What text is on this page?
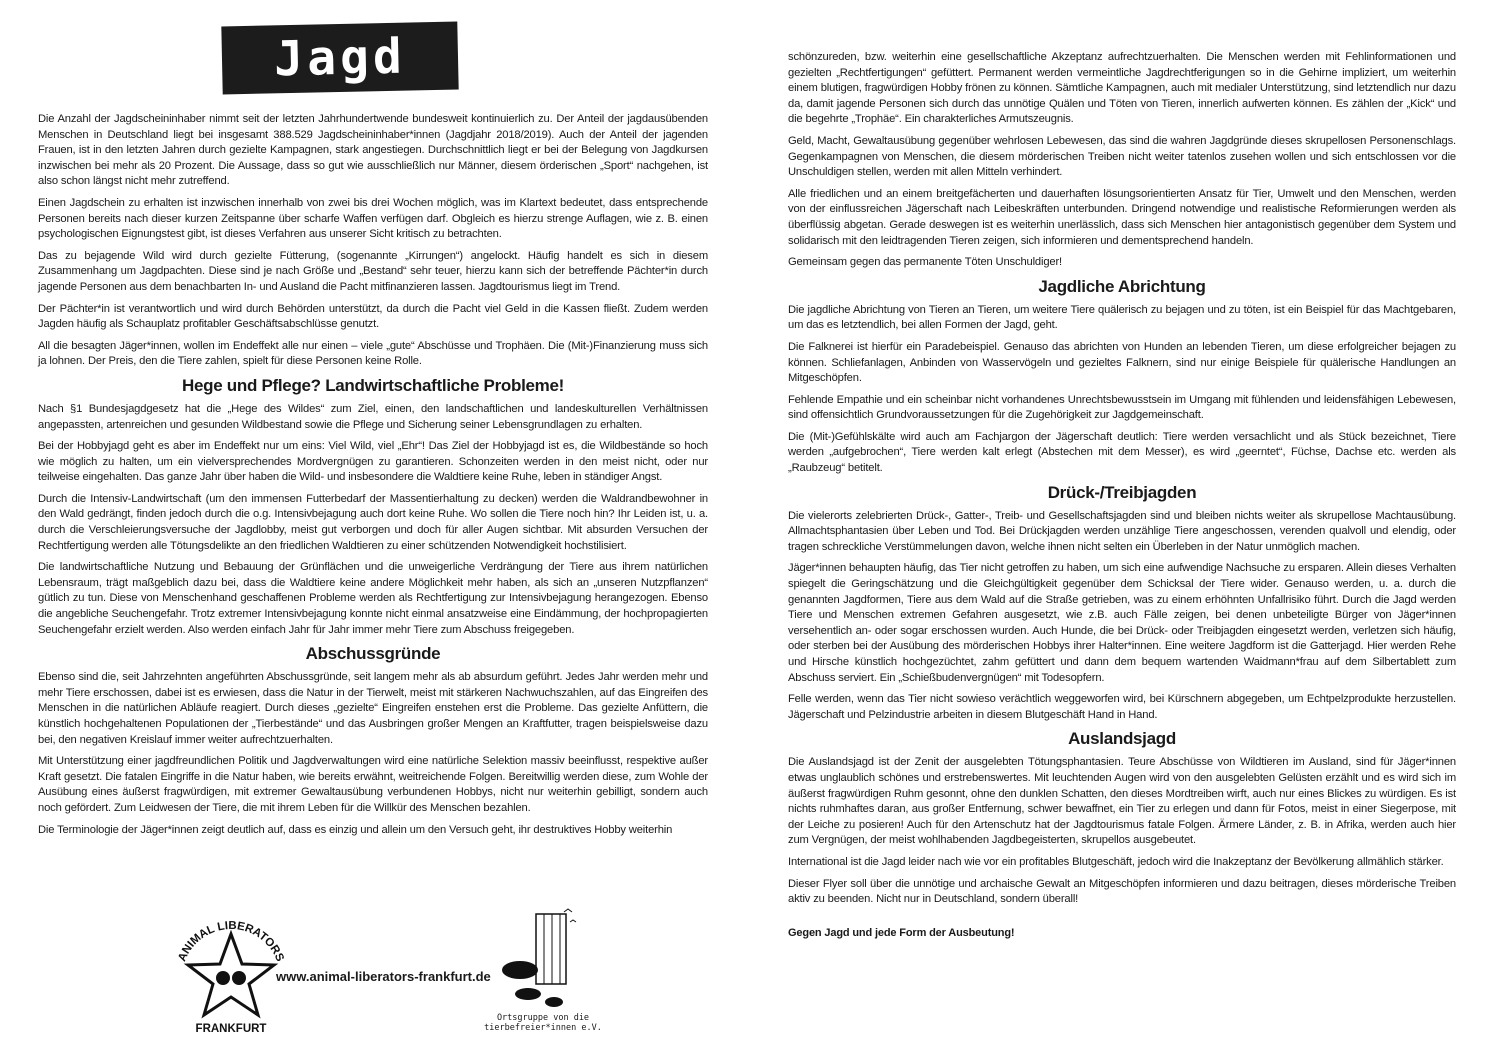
Jagd

Die Anzahl der Jagdscheininhaber nimmt seit der letzten Jahrhundertwende bundesweit kontinuierlich zu. Der Anteil der jagdausübenden Menschen in Deutschland liegt bei insgesamt 388.529 Jagdscheininhaber*innen (Jagdjahr 2018/2019). Auch der Anteil der jagenden Frauen, ist in den letzten Jahren durch gezielte Kampagnen, stark angestiegen. Durchschnittlich liegt er bei der Belegung von Jagdkursen inzwischen bei mehr als 20 Prozent. Die Aussage, dass so gut wie ausschließlich nur Männer, diesem örderischen „Sport“ nachgehen, ist also schon längst nicht mehr zutreffend.

Einen Jagdschein zu erhalten ist inzwischen innerhalb von zwei bis drei Wochen möglich, was im Klartext bedeutet, dass entsprechende Personen bereits nach dieser kurzen Zeitspanne über scharfe Waffen verfügen darf. Obgleich es hierzu strenge Auflagen, wie z. B. einen psychologischen Eignungstest gibt, ist dieses Verfahren aus unserer Sicht kritisch zu betrachten.

Das zu bejagende Wild wird durch gezielte Fütterung, (sogenannte „Kirrungen“) angelockt. Häufig handelt es sich in diesem Zusammenhang um Jagdpachten. Diese sind je nach Größe und „Bestand“ sehr teuer, hierzu kann sich der betreffende Pächter*in durch jagende Personen aus dem benachbarten In- und Ausland die Pacht mitfinanzieren lassen. Jagdtourismus liegt im Trend.

Der Pächter*in ist verantwortlich und wird durch Behörden unterstützt, da durch die Pacht viel Geld in die Kassen fließt. Zudem werden Jagden häufig als Schauplatz profitabler Geschäftsabschlüsse genutzt.

All die besagten Jäger*innen, wollen im Endeffekt alle nur einen – viele „gute“ Abschüsse und Trophäen. Die (Mit-)Finanzierung muss sich ja lohnen. Der Preis, den die Tiere zahlen, spielt für diese Personen keine Rolle.

Hege und Pflege? Landwirtschaftliche Probleme!

Nach §1 Bundesjagdgesetz hat die „Hege des Wildes“ zum Ziel, einen, den landschaftlichen und landeskulturellen Verhältnissen angepassten, artenreichen und gesunden Wildbestand sowie die Pflege und Sicherung seiner Lebensgrundlagen zu erhalten.

Bei der Hobbyjagd geht es aber im Endeffekt nur um eins: Viel Wild, viel „Ehr“! Das Ziel der Hobbyjagd ist es, die Wildbestände so hoch wie möglich zu halten, um ein vielversprechendes Mordvergnügen zu garantieren. Schonzeiten werden in den meist nicht, oder nur teilweise eingehalten. Das ganze Jahr über haben die Wild- und insbesondere die Waldtiere keine Ruhe, leben in ständiger Angst.

Durch die Intensiv-Landwirtschaft (um den immensen Futterbedarf der Massentierhaltung zu decken) werden die Waldrandbewohner in den Wald gedrängt, finden jedoch durch die o.g. Intensivbejagung auch dort keine Ruhe. Wo sollen die Tiere noch hin? Ihr Leiden ist, u. a. durch die Verschleierungsversuche der Jagdlobby, meist gut verborgen und doch für aller Augen sichtbar. Mit absurden Versuchen der Rechtfertigung werden alle Tötungsdelikte an den friedlichen Waldtieren zu einer schützenden Notwendigkeit hochstilisiert.

Die landwirtschaftliche Nutzung und Bebauung der Grünflächen und die unweigerliche Verdrängung der Tiere aus ihrem natürlichen Lebensraum, trägt maßgeblich dazu bei, dass die Waldtiere keine andere Möglichkeit mehr haben, als sich an „unseren Nutzpflanzen“ gütlich zu tun. Diese von Menschenhand geschaffenen Probleme werden als Rechtfertigung zur Intensivbejagung herangezogen. Ebenso die angebliche Seuchengefahr. Trotz extremer Intensivbejagung konnte nicht einmal ansatzweise eine Eindämmung, der hochpropagierten Seuchengefahr erzielt werden. Also werden einfach Jahr für Jahr immer mehr Tiere zum Abschuss freigegeben.

Abschussgründe

Ebenso sind die, seit Jahrzehnten angeführten Abschussgründe, seit langem mehr als ab absurdum geführt. Jedes Jahr werden mehr und mehr Tiere erschossen, dabei ist es erwiesen, dass die Natur in der Tierwelt, meist mit stärkeren Nachwuchszahlen, auf das Eingreifen des Menschen in die natürlichen Abläufe reagiert. Durch dieses „gezielte“ Eingreifen enstehen erst die Probleme. Das gezielte Anfüttern, die künstlich hochgehaltenen Populationen der „Tierbestände“ und das Ausbringen großer Mengen an Kraftfutter, tragen beispielsweise dazu bei, den negativen Kreislauf immer weiter aufrechtzuerhalten.

Mit Unterstützung einer jagdfreundlichen Politik und Jagdverwaltungen wird eine natürliche Selektion massiv beeinflusst, respektive außer Kraft gesetzt. Die fatalen Eingriffe in die Natur haben, wie bereits erwähnt, weitreichende Folgen. Bereitwillig werden diese, zum Wohle der Ausübung eines äußerst fragwürdigen, mit extremer Gewaltausübung verbundenen Hobbys, nicht nur weiterhin gebilligt, sondern auch noch gefördert. Zum Leidwesen der Tiere, die mit ihrem Leben für die Willkür des Menschen bezahlen.

Die Terminologie der Jäger*innen zeigt deutlich auf, dass es einzig und allein um den Versuch geht, ihr destruktives Hobby weiterhin

ANIMAL LIBERATORS
FRANKFURT
www.animal-liberators-frankfurt.de
Ortsgruppe von die tierbefreier*innen e.V.

schönzureden, bzw. weiterhin eine gesellschaftliche Akzeptanz aufrechtzuerhalten. Die Menschen werden mit Fehlinformationen und gezielten „Rechtfertigungen“ gefüttert. Permanent werden vermeintliche Jagdrechtferigungen so in die Gehirne impliziert, um weiterhin einem blutigen, fragwürdigen Hobby frönen zu können. Sämtliche Kampagnen, auch mit medialer Unterstützung, sind letztendlich nur dazu da, damit jagende Personen sich durch das unnötige Quälen und Töten von Tieren, innerlich aufwerten können. Es zählen der „Kick“ und die begehrte „Trophäe“. Ein charakterliches Armutszeugnis.

Geld, Macht, Gewaltausübung gegenüber wehrlosen Lebewesen, das sind die wahren Jagdgründe dieses skrupellosen Personenschlags. Gegenkampagnen von Menschen, die diesem mörderischen Treiben nicht weiter tatenlos zusehen wollen und sich entschlossen vor die Unschuldigen stellen, werden mit allen Mitteln verhindert.

Alle friedlichen und an einem breitgefächerten und dauerhaften lösungsorientierten Ansatz für Tier, Umwelt und den Menschen, werden von der einflussreichen Jägerschaft nach Leibeskräften unterbunden. Dringend notwendige und realistische Reformierungen werden als überflüssig abgetan. Gerade deswegen ist es weiterhin unerlässlich, dass sich Menschen hier antagonistisch gegenüber dem System und solidarisch mit den leidtragenden Tieren zeigen, sich informieren und dementsprechend handeln.

Gemeinsam gegen das permanente Töten Unschuldiger!

Jagdliche Abrichtung

Die jagdliche Abrichtung von Tieren an Tieren, um weitere Tiere quälerisch zu bejagen und zu töten, ist ein Beispiel für das Machtgebaren, um das es letztendlich, bei allen Formen der Jagd, geht.

Die Falknerei ist hierfür ein Paradebeispiel. Genauso das abrichten von Hunden an lebenden Tieren, um diese erfolgreicher bejagen zu können. Schliefanlagen, Anbinden von Wasservögeln und gezieltes Falknern, sind nur einige Beispiele für quälerische Handlungen an Mitgeschöpfen.

Fehlende Empathie und ein scheinbar nicht vorhandenes Unrechtsbewusstsein im Umgang mit fühlenden und leidensfähigen Lebewesen, sind offensichtlich Grundvoraussetzungen für die Zugehörigkeit zur Jagdgemeinschaft.

Die (Mit-)Gefühlskälte wird auch am Fachjargon der Jägerschaft deutlich: Tiere werden versachlicht und als Stück bezeichnet, Tiere werden „aufgebrochen“, Tiere werden kalt erlegt (Abstechen mit dem Messer), es wird „geerntet“, Füchse, Dachse etc. werden als „Raubzeug“ betitelt.

Drück-/Treibjagden

Die vielerorts zelebrierten Drück-, Gatter-, Treib- und Gesellschaftsjagden sind und bleiben nichts weiter als skrupellose Machtausübung. Allmachtsphantasien über Leben und Tod. Bei Drückjagden werden unzählige Tiere angeschossen, verenden qualvoll und elendig, oder tragen schreckliche Verstümmelungen davon, welche ihnen nicht selten ein Überleben in der Natur unmöglich machen.

Jäger*innen behaupten häufig, das Tier nicht getroffen zu haben, um sich eine aufwendige Nachsuche zu ersparen. Allein dieses Verhalten spiegelt die Geringschätzung und die Gleichgültigkeit gegenüber dem Schicksal der Tiere wider. Genauso werden, u. a. durch die genannten Jagdformen, Tiere aus dem Wald auf die Straße getrieben, was zu einem erhöhnten Unfallrisiko führt. Durch die Jagd werden Tiere und Menschen extremen Gefahren ausgesetzt, wie z.B. auch Fälle zeigen, bei denen unbeteiligte Bürger von Jäger*innen versehentlich an- oder sogar erschossen wurden. Auch Hunde, die bei Drück- oder Treibjagden eingesetzt werden, verletzen sich häufig, oder sterben bei der Ausübung des mörderischen Hobbys ihrer Halter*innen. Eine weitere Jagdform ist die Gatterjagd. Hier werden Rehe und Hirsche künstlich hochgezüchtet, zahm gefüttert und dann dem bequem wartenden Waidmann*frau auf dem Silbertablett zum Abschuss serviert. Ein „Schießbudenvergnügen“ mit Todesopfern.

Felle werden, wenn das Tier nicht sowieso verächtlich weggeworfen wird, bei Kürschnern abgegeben, um Echtpelzprodukte herzustellen. Jägerschaft und Pelzindustrie arbeiten in diesem Blutgeschäft Hand in Hand.

Auslandsjagd

Die Auslandsjagd ist der Zenit der ausgelebten Tötungsphantasien. Teure Abschüsse von Wildtieren im Ausland, sind für Jäger*innen etwas unglaublich schönes und erstrebenswertes. Mit leuchtenden Augen wird von den ausgelebten Gelüsten erzählt und es wird sich im äußerst fragwürdigen Ruhm gesonnt, ohne den dunklen Schatten, den dieses Mordtreiben wirft, auch nur eines Blickes zu würdigen. Es ist nichts ruhmhaftes daran, aus großer Entfernung, schwer bewaffnet, ein Tier zu erlegen und dann für Fotos, meist in einer Siegerpose, mit der Leiche zu posieren! Auch für den Artenschutz hat der Jagdtourismus fatale Folgen. Ärmere Länder, z. B. in Afrika, werden auch hier zum Vergnügen, der meist wohlhabenden Jagdbegeisterten, skrupellos ausgebeutet.

International ist die Jagd leider nach wie vor ein profitables Blutgeschäft, jedoch wird die Inakzeptanz der Bevölkerung allmählich stärker.

Dieser Flyer soll über die unnötige und archaische Gewalt an Mitgeschöpfen informieren und dazu beitragen, dieses mörderische Treiben aktiv zu beenden. Nicht nur in Deutschland, sondern überall!

Gegen Jagd und jede Form der Ausbeutung!
